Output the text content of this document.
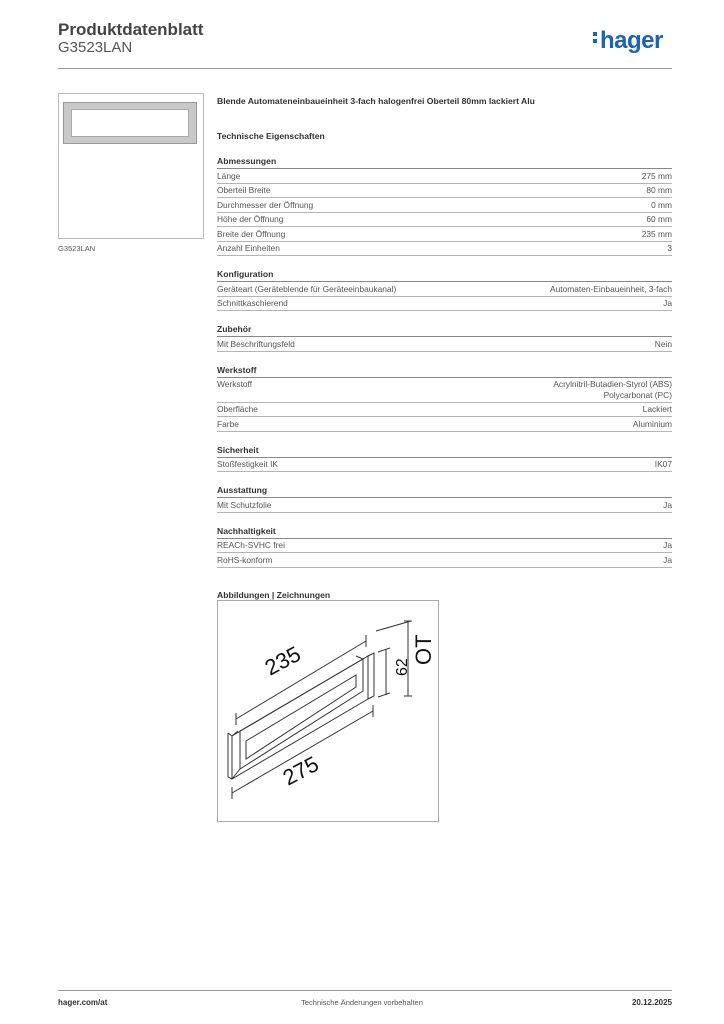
Produktdatenblatt
G3523LAN	hager
G3523LAN
Blende Automateneinbaueinheit 3-fach halogenfrei Oberteil 80mm lackiert Alu
Technische Eigenschaften
Abmessungen
Länge	275 mm
Oberteil Breite	80 mm
Durchmesser der Öffnung	0 mm
Höhe der Öffnung	60 mm
Breite der Öffnung	235 mm
Anzahl Einheiten	3
Konfiguration
Geräteart (Geräteblende für Geräteeinbaukanal)	Automaten-Einbaueinheit, 3-fach
Schnittkaschierend	Ja
Zubehör
Mit Beschriftungsfeld	Nein
Werkstoff
Werkstoff	Acrylnitril-Butadien-Styrol (ABS)
Polycarbonat (PC)
Oberfläche	Lackiert
Farbe	Aluminium
Sicherheit
Stoßfestigkeit IK	IK07
Ausstattung
Mit Schutzfolie	Ja
Nachhaltigkeit
REACh-SVHC frei	Ja
RoHS-konform	Ja
Abbildungen | Zeichnungen
235
275
62
OT
hager.com/at	Technische Änderungen vorbehalten	20.12.2025
